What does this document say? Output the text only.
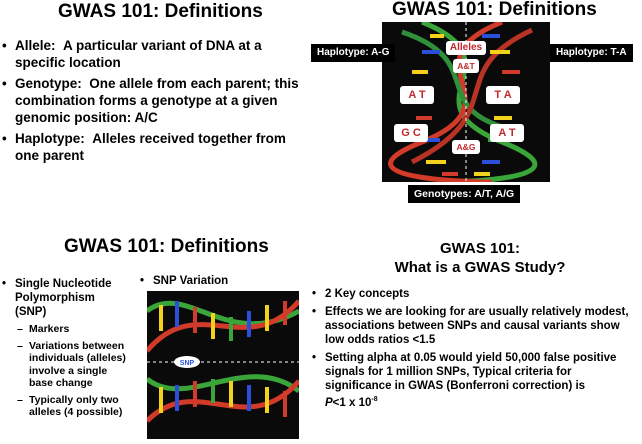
GWAS 101: Definitions
• Allele: A particular variant of DNA at a specific location
• Genotype: One allele from each parent; this combination forms a genotype at a given genomic position: A/C
• Haplotype: Alleles received together from one parent
GWAS 101: Definitions
Alleles
A&T
A T	T A
G C	A T
A&G
Haplotype: A-G	Haplotype: T-A
Genotypes: A/T, A/G
GWAS 101: Definitions
• Single Nucleotide Polymorphism (SNP)
– Markers
– Variations between individuals (alleles) involve a single base change
– Typically only two alleles (4 possible)
• SNP Variation
SNP
GWAS 101:
What is a GWAS Study?
• 2 Key concepts
• Effects we are looking for are usually relatively modest, associations between SNPs and causal variants show low odds ratios <1.5
• Setting alpha at 0.05 would yield 50,000 false positive signals for 1 million SNPs, Typical criteria for significance in GWAS (Bonferroni correction) is
P<1 x $10^{-8}$
